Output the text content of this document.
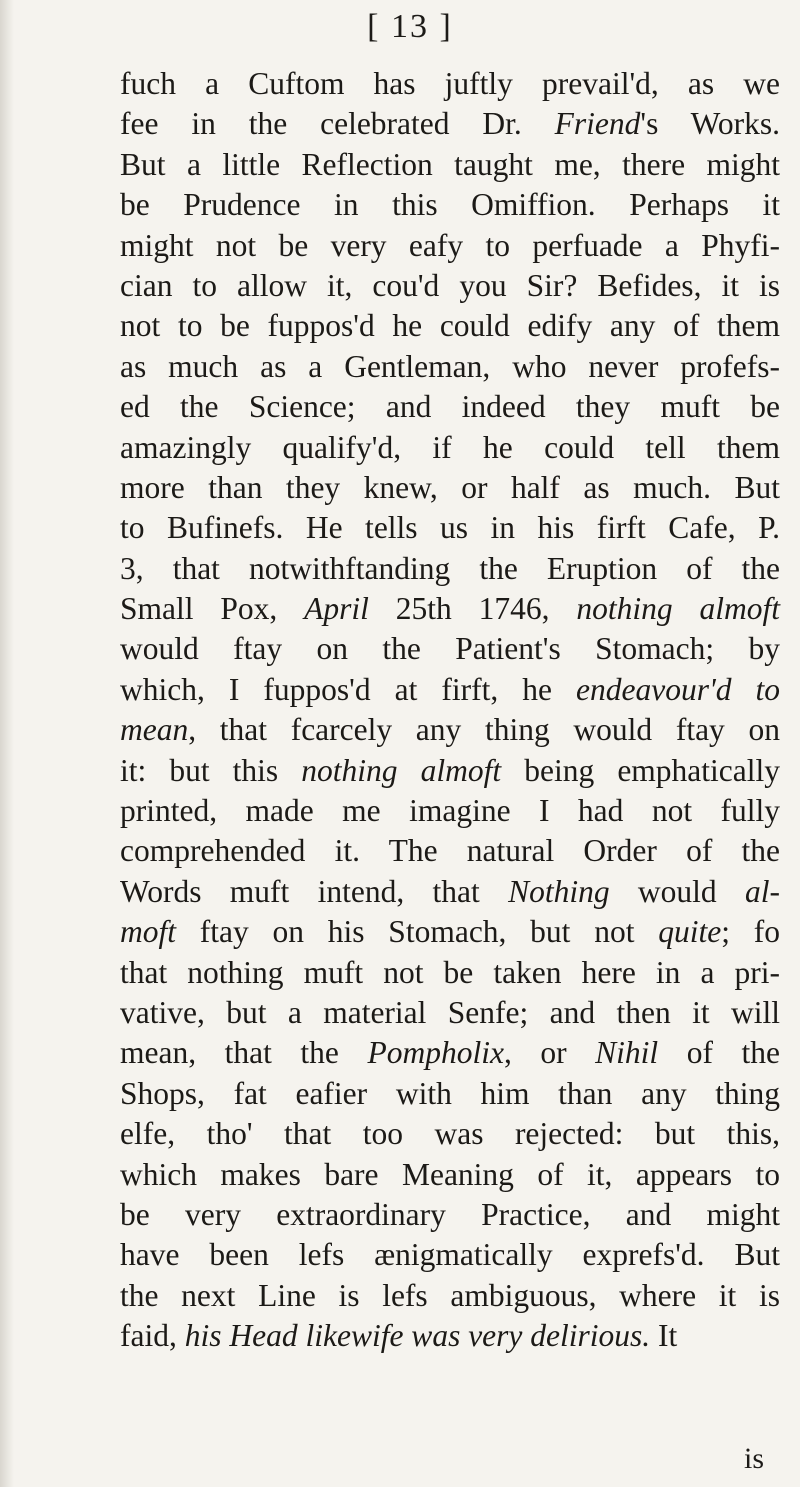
[ 13 ]
fuch a Cuftom has juftly prevail'd, as we
fee in the celebrated Dr. Friend's Works.
But a little Reflection taught me, there might
be Prudence in this Omiffion. Perhaps it
might not be very eafy to perfuade a Phyfi-
cian to allow it, cou'd you Sir? Befides, it is
not to be fuppos'd he could edify any of them
as much as a Gentleman, who never profefs-
ed the Science; and indeed they muft be
amazingly qualify'd, if he could tell them
more than they knew, or half as much. But
to Bufinefs. He tells us in his firft Cafe, P.
3, that notwithftanding the Eruption of the
Small Pox, April 25th 1746, nothing almoft
would ftay on the Patient's Stomach; by
which, I fuppos'd at firft, he endeavour'd to
mean, that fcarcely any thing would ftay on
it: but this nothing almoft being emphatically
printed, made me imagine I had not fully
comprehended it. The natural Order of the
Words muft intend, that Nothing would al-
moft ftay on his Stomach, but not quite; fo
that nothing muft not be taken here in a pri-
vative, but a material Senfe; and then it will
mean, that the Pompholix, or Nihil of the
Shops, fat eafier with him than any thing
elfe, tho' that too was rejected: but this,
which makes bare Meaning of it, appears to
be very extraordinary Practice, and might
have been lefs ænigmatically exprefs'd. But
the next Line is lefs ambiguous, where it is
faid, his Head likewife was very delirious. It
is
